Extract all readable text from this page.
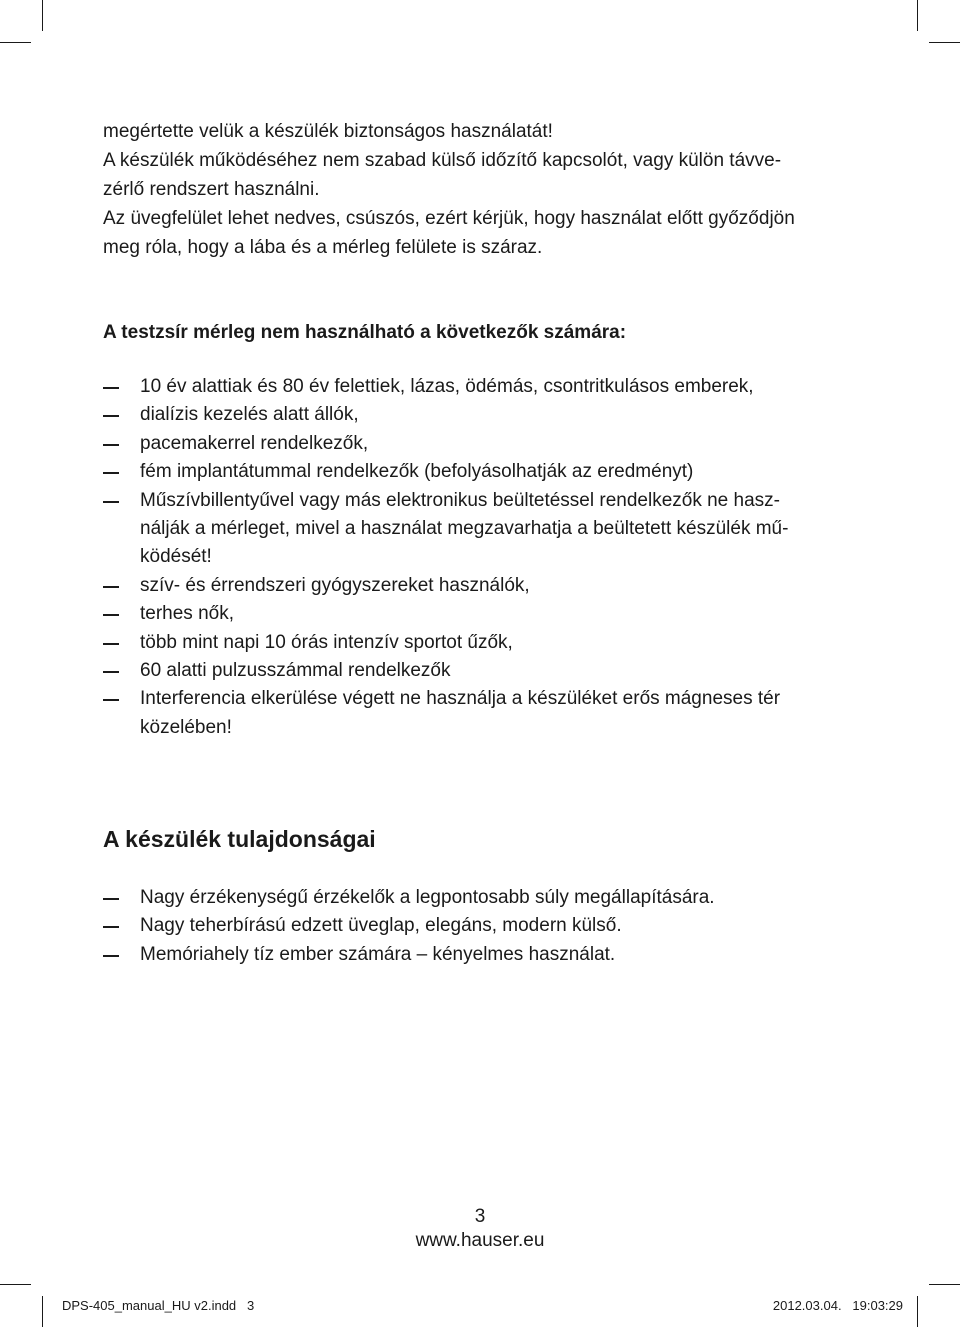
megértette velük a készülék biztonságos használatát!
A készülék működéséhez nem szabad külső időzítő kapcsolót, vagy külön távve-
zérlő rendszert használni.
Az üvegfelület lehet nedves, csúszós, ezért kérjük, hogy használat előtt győződjön
meg róla, hogy a lába és a mérleg felülete is száraz.

A testzsír mérleg nem használható a következők számára:

10 év alattiak és 80 év felettiek, lázas, ödémás, csontritkulásos emberek,
dialízis kezelés alatt állók,
pacemakerrel rendelkezők,
fém implantátummal rendelkezők (befolyásolhatják az eredményt)
Műszívbillentyűvel vagy más elektronikus beültetéssel rendelkezők ne hasz-
nálják a mérleget, mivel a használat megzavarhatja a beültetett készülék mű-
ködését!
szív- és érrendszeri gyógyszereket használók,
terhes nők,
több mint napi 10 órás intenzív sportot űzők,
60 alatti pulzusszámmal rendelkezők
Interferencia elkerülése végett ne használja a készüléket erős mágneses tér
közelében!

A készülék tulajdonságai

Nagy érzékenységű érzékelők a legpontosabb súly megállapítására.
Nagy teherbírású edzett üveglap, elegáns, modern külső.
Memóriahely tíz ember számára – kényelmes használat.

3

www.hauser.eu

DPS-405_manual_HU v2.indd   3	2012.03.04.   19:03:29
